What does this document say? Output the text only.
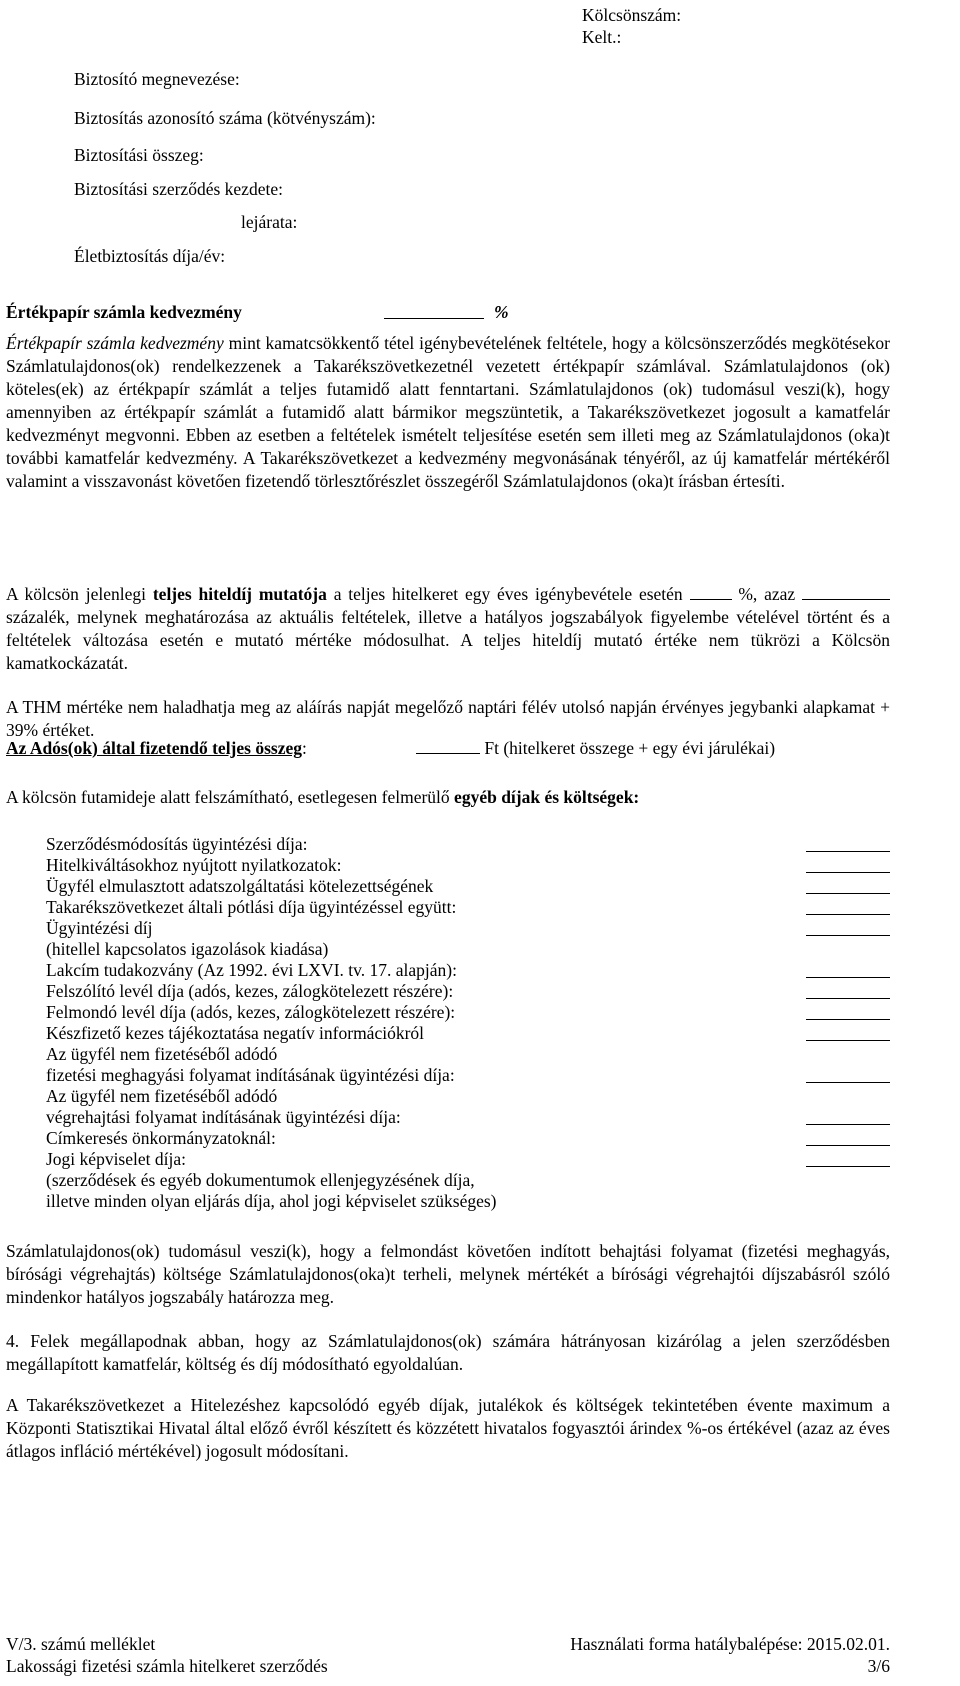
Kölcsönszám:
Kelt.:
Biztosító megnevezése:
Biztosítás azonosító száma (kötvényszám):
Biztosítási összeg:
Biztosítási szerződés kezdete:
lejárata:
Életbiztosítás díja/év:
Értékpapír számla kedvezmény	%
Értékpapír számla kedvezmény mint kamatcsökkentő tétel igénybevételének feltétele, hogy a kölcsönszerződés megkötésekor Számlatulajdonos(ok) rendelkezzenek a Takarékszövetkezetnél vezetett értékpapír számlával. Számlatulajdonos (ok) köteles(ek) az értékpapír számlát a teljes futamidő alatt fenntartani. Számlatulajdonos (ok) tudomásul veszi(k), hogy amennyiben az értékpapír számlát a futamidő alatt bármikor megszüntetik, a Takarékszövetkezet jogosult a kamatfelár kedvezményt megvonni. Ebben az esetben a feltételek ismételt teljesítése esetén sem illeti meg az Számlatulajdonos (oka)t további kamatfelár kedvezmény. A Takarékszövetkezet a kedvezmény megvonásának tényéről, az új kamatfelár mértékéről valamint a visszavonást követően fizetendő törlesztőrészlet összegéről Számlatulajdonos (oka)t írásban értesíti.
A kölcsön jelenlegi teljes hiteldíj mutatója a teljes hitelkeret egy éves igénybevétele esetén  %, azaz százalék, melynek meghatározása az aktuális feltételek, illetve a hatályos jogszabályok figyelembe vételével történt és a feltételek változása esetén e mutató mértéke módosulhat. A teljes hiteldíj mutató értéke nem tükrözi a Kölcsön kamatkockázatát.
A THM mértéke nem haladhatja meg az aláírás napját megelőző naptári félév utolsó napján érvényes jegybanki alapkamat + 39% értéket.
Az Adós(ok) által fizetendő teljes összeg:	Ft (hitelkeret összege + egy évi járulékai)
A kölcsön futamideje alatt felszámítható, esetlegesen felmerülő egyéb díjak és költségek:
Szerződésmódosítás ügyintézési díja:
Hitelkiváltásokhoz nyújtott nyilatkozatok:
Ügyfél elmulasztott adatszolgáltatási kötelezettségének
Takarékszövetkezet általi pótlási díja ügyintézéssel együtt:
Ügyintézési díj
(hitellel kapcsolatos igazolások kiadása)
Lakcím tudakozvány (Az 1992. évi LXVI. tv. 17. alapján):
Felszólító levél díja (adós, kezes, zálogkötelezett részére):
Felmondó levél díja (adós, kezes, zálogkötelezett részére):
Készfizető kezes tájékoztatása negatív információkról
Az ügyfél nem fizetéséből adódó
fizetési meghagyási folyamat indításának ügyintézési díja:
Az ügyfél nem fizetéséből adódó
végrehajtási folyamat indításának ügyintézési díja:
Címkeresés önkormányzatoknál:
Jogi képviselet díja:
(szerződések és egyéb dokumentumok ellenjegyzésének díja,
illetve minden olyan eljárás díja, ahol jogi képviselet szükséges)
Számlatulajdonos(ok) tudomásul veszi(k), hogy a felmondást követően indított behajtási folyamat (fizetési meghagyás, bírósági végrehajtás) költsége Számlatulajdonos(oka)t terheli, melynek mértékét a bírósági végrehajtói díjszabásról szóló mindenkor hatályos jogszabály határozza meg.
4. Felek megállapodnak abban, hogy az Számlatulajdonos(ok) számára hátrányosan kizárólag a jelen szerződésben megállapított kamatfelár, költség és díj módosítható egyoldalúan.
A Takarékszövetkezet a Hitelezéshez kapcsolódó egyéb díjak, jutalékok és költségek tekintetében évente maximum a Központi Statisztikai Hivatal által előző évről készített és közzétett hivatalos fogyasztói árindex %-os értékével (azaz az éves átlagos infláció mértékével) jogosult módosítani.
V/3. számú melléklet	Használati forma hatálybalépése: 2015.02.01.
Lakossági fizetési számla hitelkeret szerződés	3/6
